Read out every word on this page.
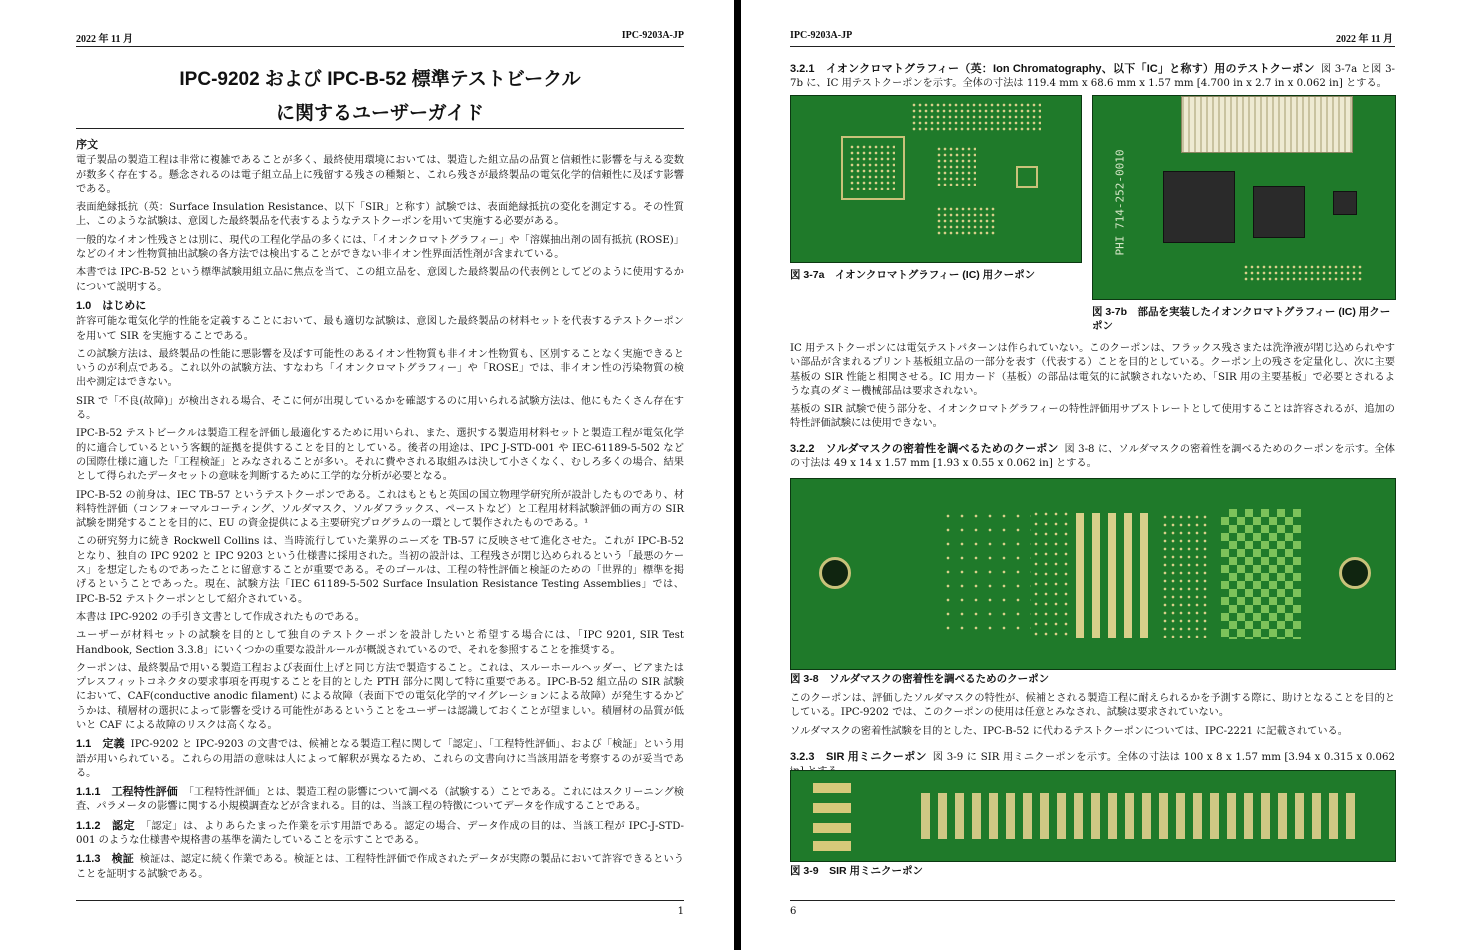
2022 年 11 月	IPC-9203A-JP
IPC-9202 および IPC-B-52 標準テストビークル
に関するユーザーガイド
序文

電子製品の製造工程は非常に複雑であることが多く、最終使用環境においては、製造した組立品の品質と信頼性に影響を与える変数が数多く存在する。懸念されるのは電子組立品上に残留する残さの種類と、これら残さが最終製品の電気化学的信頼性に及ぼす影響である。

表面絶縁抵抗（英：Surface Insulation Resistance、以下「SIR」と称す）試験では、表面絶縁抵抗の変化を測定する。その性質上、このような試験は、意図した最終製品を代表するようなテストクーポンを用いて実施する必要がある。

一般的なイオン性残さとは別に、現代の工程化学品の多くには、「イオンクロマトグラフィー」や「溶媒抽出剤の固有抵抗 (ROSE)」などのイオン性物質抽出試験の各方法では検出することができない非イオン性界面活性剤が含まれている。

本書では IPC-B-52 という標準試験用組立品に焦点を当て、この組立品を、意図した最終製品の代表例としてどのように使用するかについて説明する。

1.0　はじめに

許容可能な電気化学的性能を定義することにおいて、最も適切な試験は、意図した最終製品の材料セットを代表するテストクーポンを用いて SIR を実施することである。

この試験方法は、最終製品の性能に悪影響を及ぼす可能性のあるイオン性物質も非イオン性物質も、区別することなく実施できるというのが利点である。これ以外の試験方法、すなわち「イオンクロマトグラフィー」や「ROSE」では、非イオン性の汚染物質の検出や測定はできない。

SIR で「不良(故障)」が検出される場合、そこに何が出現しているかを確認するのに用いられる試験方法は、他にもたくさん存在する。

IPC-B-52 テストビークルは製造工程を評価し最適化するために用いられ、また、選択する製造用材料セットと製造工程が電気化学的に適合しているという客観的証拠を提供することを目的としている。後者の用途は、IPC J-STD-001 や IEC-61189-5-502 などの国際仕様に適した「工程検証」とみなされることが多い。それに費やされる取組みは決して小さくなく、むしろ多くの場合、結果として得られたデータセットの意味を判断するために工学的な分析が必要となる。

IPC-B-52 の前身は、IEC TB-57 というテストクーポンである。これはもともと英国の国立物理学研究所が設計したものであり、材料特性評価（コンフォーマルコーティング、ソルダマスク、ソルダフラックス、ペーストなど）と工程用材料試験評価の両方の SIR 試験を開発することを目的に、EU の資金提供による主要研究プログラムの一環として製作されたものである。¹

この研究努力に続き Rockwell Collins は、当時流行していた業界のニーズを TB-57 に反映させて進化させた。これが IPC-B-52 となり、独自の IPC 9202 と IPC 9203 という仕様書に採用された。当初の設計は、工程残さが閉じ込められるという「最悪のケース」を想定したものであったことに留意することが重要である。そのゴールは、工程の特性評価と検証のための「世界的」標準を掲げるということであった。現在、試験方法「IEC 61189-5-502 Surface Insulation Resistance Testing Assemblies」では、IPC-B-52 テストクーポンとして紹介されている。

本書は IPC-9202 の手引き文書として作成されたものである。

ユーザーが材料セットの試験を目的として独自のテストクーポンを設計したいと希望する場合には、「IPC 9201, SIR Test Handbook, Section 3.3.8」にいくつかの重要な設計ルールが概説されているので、それを参照することを推奨する。

クーポンは、最終製品で用いる製造工程および表面仕上げと同じ方法で製造すること。これは、スルーホールヘッダー、ビアまたはプレスフィットコネクタの要求事項を再現することを目的とした PTH 部分に関して特に重要である。IPC-B-52 組立品の SIR 試験において、CAF(conductive anodic filament) による故障（表面下での電気化学的マイグレーションによる故障）が発生するかどうかは、積層材の選択によって影響を受ける可能性があるということをユーザーは認識しておくことが望ましい。積層材の品質が低いと CAF による故障のリスクは高くなる。

1.1　定義 IPC-9202 と IPC-9203 の文書では、候補となる製造工程に関して「認定」、「工程特性評価」、および「検証」という用語が用いられている。これらの用語の意味は人によって解釈が異なるため、これらの文書向けに当該用語を考察するのが妥当である。

1.1.1　工程特性評価 「工程特性評価」とは、製造工程の影響について調べる（試験する）ことである。これにはスクリーニング検査、パラメータの影響に関する小規模調査などが含まれる。目的は、当該工程の特徴についてデータを作成することである。

1.1.2　認定 「認定」は、よりあらたまった作業を示す用語である。認定の場合、データ作成の目的は、当該工程が IPC-J-STD-001 のような仕様書や規格書の基準を満たしていることを示すことである。

1.1.3　検証 検証は、認定に続く作業である。検証とは、工程特性評価で作成されたデータが実際の製品において許容できるということを証明する試験である。

1
IPC-9203A-JP	2022 年 11 月

3.2.1　イオンクロマトグラフィー（英：Ion Chromatography、以下「IC」と称す）用のテストクーポン 図 3-7a と図 3-7b に、IC 用テストクーポンを示す。全体の寸法は 119.4 mm x 68.6 mm x 1.57 mm [4.700 in x 2.7 in x 0.062 in] とする。

図 3-7a　イオンクロマトグラフィー (IC) 用クーポン
PHI 714-252-0010
図 3-7b　部品を実装したイオンクロマトグラフィー (IC) 用クーポン

IC 用テストクーポンには電気テストパターンは作られていない。このクーポンは、フラックス残さまたは洗浄液が閉じ込められやすい部品が含まれるプリント基板組立品の一部分を表す（代表する）ことを目的としている。クーポン上の残さを定量化し、次に主要基板の SIR 性能と相関させる。IC 用カード（基板）の部品は電気的に試験されないため、「SIR 用の主要基板」で必要とされるような真のダミー機械部品は要求されない。

基板の SIR 試験で使う部分を、イオンクロマトグラフィーの特性評価用サブストレートとして使用することは許容されるが、追加の特性評価試験には使用できない。

3.2.2　ソルダマスクの密着性を調べるためのクーポン 図 3-8 に、ソルダマスクの密着性を調べるためのクーポンを示す。全体の寸法は 49 x 14 x 1.57 mm [1.93 x 0.55 x 0.062 in] とする。

図 3-8　ソルダマスクの密着性を調べるためのクーポン

このクーポンは、評価したソルダマスクの特性が、候補とされる製造工程に耐えられるかを予測する際に、助けとなることを目的としている。IPC-9202 では、このクーポンの使用は任意とみなされ、試験は要求されていない。

ソルダマスクの密着性試験を目的とした、IPC-B-52 に代わるテストクーポンについては、IPC-2221 に記載されている。

3.2.3　SIR 用ミニクーポン 図 3-9 に SIR 用ミニクーポンを示す。全体の寸法は 100 x 8 x 1.57 mm [3.94 x 0.315 x 0.062

図 3-9　SIR 用ミニクーポン
6
